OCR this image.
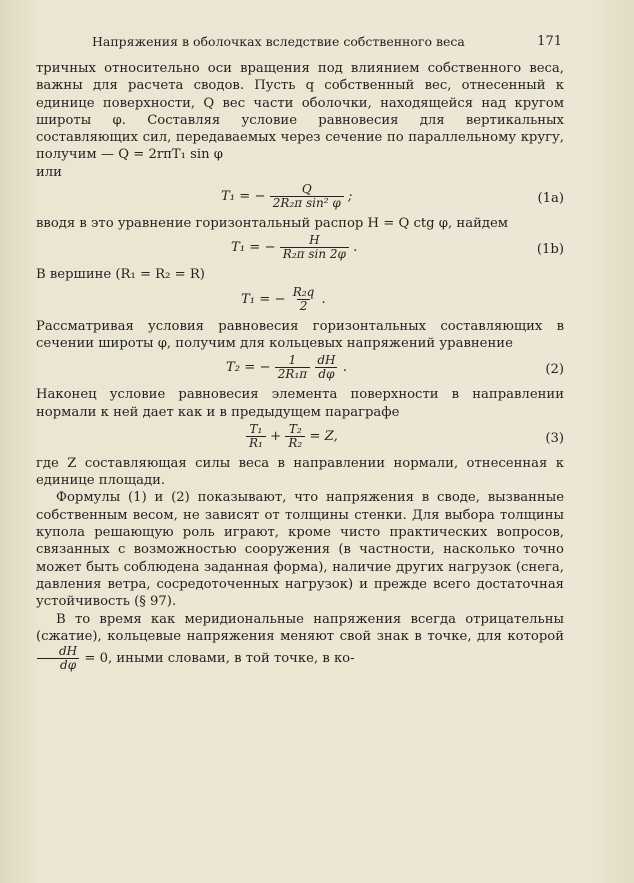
Напряжения в оболочках вследствие собственного веса	171

тричных относительно оси вращения под влиянием собственного веса, важны для расчета сводов. Пусть q собственный вес, отнесенный к единице поверхности, Q вес части оболочки, находящейся над кругом широты φ. Составляя условие равновесия для вертикальных составляющих сил, передаваемых через сечение по параллельному кругу, получим — Q = 2rπT₁ sin φ

или

T₁ = − $\frac{Q}{\text{2R₂π sin² φ}}$ ;	(1a)

вводя в это уравнение горизонтальный распор H = Q ctg φ, найдем

T₁ = − $\frac{H}{\text{R₂π sin 2φ}}$ .	(1b)

В вершине (R₁ = R₂ = R)

T₁ = − $\frac{\text{R₂q}}{2}$ .

Рассматривая условия равновесия горизонтальных составляющих в сечении широты φ, получим для кольцевых напряжений уравнение

T₂ = − $\frac{1}{\text{2R₁π}}$
$\frac{dH}{d\varphi}$ .	(2)

Наконец условие равновесия элемента поверхности в направлении нормали к ней дает как и в предыдущем параграфе

$\frac{\text{T₁}}{\text{R₁}} + \frac{\text{T₂}}{\text{R₂}} = Z$,	(3)

где Z составляющая силы веса в направлении нормали, отнесенная к единице площади.

Формулы (1) и (2) показывают, что напряжения в своде, вызванные собственным весом, не зависят от толщины стенки. Для выбора толщины купола решающую роль играют, кроме чисто практических вопросов, связанных с возможностью сооружения (в частности, насколько точно может быть соблюдена заданная форма), наличие других нагрузок (снега, давления ветра, сосредоточенных нагрузок) и прежде всего достаточная устойчивость (§ 97).

В то время как меридиональные напряжения всегда отрицательны (сжатие), кольцевые напряжения меняют свой знак в точке, для которой
$\frac{dH}{d\varphi} = 0$, иными словами, в той точке, в ко-
